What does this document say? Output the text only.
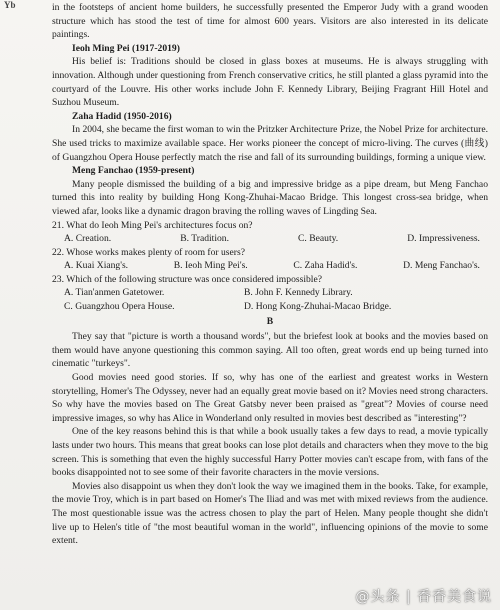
Yb	in the footsteps of ancient home builders, he successfully presented the Emperor Judy with a grand wooden structure which has stood the test of time for almost 600 years. Visitors are also interested in its delicate paintings.

Ieoh Ming Pei (1917-2019)

His belief is: Traditions should be closed in glass boxes at museums. He is always struggling with innovation. Although under questioning from French conservative critics, he still planted a glass pyramid into the courtyard of the Louvre. His other works include John F. Kennedy Library, Beijing Fragrant Hill Hotel and Suzhou Museum.

Zaha Hadid (1950-2016)

In 2004, she became the first woman to win the Pritzker Architecture Prize, the Nobel Prize for architecture. She used tricks to maximize available space. Her works pioneer the concept of micro-living. The curves (曲线) of Guangzhou Opera House perfectly match the rise and fall of its surrounding buildings, forming a unique view.

Meng Fanchao (1959-present)

Many people dismissed the building of a big and impressive bridge as a pipe dream, but Meng Fanchao turned this into reality by building Hong Kong-Zhuhai-Macao Bridge. This longest cross-sea bridge, when viewed afar, looks like a dynamic dragon braving the rolling waves of Lingding Sea.

21. What do Ieoh Ming Pei's architectures focus on?

A. Creation.	B. Tradition.	C. Beauty.	D. Impressiveness.

22. Whose works makes plenty of room for users?

A. Kuai Xiang's.	B. Ieoh Ming Pei's.	C. Zaha Hadid's.	D. Meng Fanchao's.

23. Which of the following structure was once considered impossible?

A. Tian'anmen Gatetower.	B. John F. Kennedy Library.
C. Guangzhou Opera House.	D. Hong Kong-Zhuhai-Macao Bridge.

B

They say that "picture is worth a thousand words", but the briefest look at books and the movies based on them would have anyone questioning this common saying. All too often, great words end up being turned into cinematic "turkeys".

Good movies need good stories. If so, why has one of the earliest and greatest works in Western storytelling, Homer's The Odyssey, never had an equally great movie based on it? Movies need strong characters. So why have the movies based on The Great Gatsby never been praised as "great"? Movies of course need impressive images, so why has Alice in Wonderland only resulted in movies best described as "interesting"?

One of the key reasons behind this is that while a book usually takes a few days to read, a movie typically lasts under two hours. This means that great books can lose plot details and characters when they move to the big screen. This is something that even the highly successful Harry Potter movies can't escape from, with fans of the books disappointed not to see some of their favorite characters in the movie versions.

Movies also disappoint us when they don't look the way we imagined them in the books. Take, for example, the movie Troy, which is in part based on Homer's The Iliad and was met with mixed reviews from the audience. The most questionable issue was the actress chosen to play the part of Helen. Many people thought she didn't live up to Helen's title of "the most beautiful woman in the world", influencing opinions of the movie to some extent.

@头条 | 香香美食说
